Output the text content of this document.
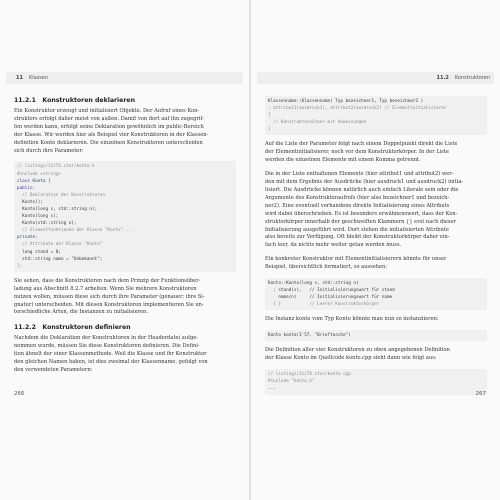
11 Klassen
11.2.1   Konstruktoren deklarieren
Ein Konstruktor erzeugt und initialisiert Objekte. Der Aufruf eines Kon-
struktors erfolgt daher meist von außen. Damit von dort auf ihn zugegrif-
fen werden kann, erfolgt seine Deklaration gewöhnlich im public-Bereich
der Klasse. Wir werden hier als Beispiel vier Konstruktoren in der Klassen-
definition Konto deklarieren. Die einzelnen Konstruktoren unterscheiden
sich durch ihre Parameter:
// listings/11/TX.ctor/konto.h
#include <string>
class Konto {
public:
// Deklaration der Konstruktoren
Konto();
Konto(long s, std::string n);
Konto(long s);
Konto(std::string n);
// Elementfunktionen der Klasse "Konto" ...
private:
// Attribute der Klasse "Konto"
long stand = 0;
std::string name = "Unbekannt";
};
Sie sehen, dass die Konstruktoren nach dem Prinzip der Funktionsüber-
ladung aus Abschnitt 8.2.7 arbeiten. Wenn Sie mehrere Konstruktoren
nutzen wollen, müssen diese sich durch ihre Parameter (genauer: ihre Si-
gnatur) unterscheiden. Mit diesen Konstruktoren implementieren Sie un-
terschiedliche Arten, die Instanzen zu initialisieren.
11.2.2   Konstruktoren definieren
Nachdem die Deklaration der Konstruktoren in der Headerdatei aufge-
nommen wurde, müssen Sie diese Konstruktoren definieren. Die Defini-
tion ähnelt der einer Klassenmethode. Weil die Klasse und ihr Konstruktor
den gleichen Namen haben, ist dies zweimal der Klassenname, gefolgt von
den verwendeten Parametern:
266
11.2 Konstruktoren
Klassenname::Klassenname( Typ bezeichner1, Typ bezeichner2 )
: attribut1(ausdruck1), attribut2(ausdruck2) // Elementinitialisierer
{
// Konstruktorkörper mit Anweisungen
}
Auf die Liste der Parameter folgt nach einem Doppelpunkt direkt die Liste
der Elementinitialisierer, noch vor dem Konstruktorkörper. In der Liste
werden die einzelnen Elemente mit einem Komma getrennt.
Die in der Liste enthaltenen Elemente (hier attribut1 und attribut2) wer-
den mit dem Ergebnis der Ausdrücke (hier ausdruck1 und ausdruck2) initia-
lisiert. Die Ausdrücke können natürlich auch einfach Literale sein oder die
Argumente des Konstruktoraufrufs (hier also bezeichner1 und bezeich-
ner2). Eine eventuell vorhandene direkte Initialisierung eines Attributs
wird dabei überschrieben. Es ist besonders erwähnenswert, dass der Kon-
struktorkörper innerhalb der geschweiften Klammern {} erst nach dieser
Initialisierung ausgeführt wird. Dort stehen die initialisierten Attribute
also bereits zur Verfügung. Oft bleibt der Konstruktorkörper daher ein-
fach leer, da nichts mehr weiter getan werden muss.
Ein konkreter Konstruktor mit Elementinitialisierern könnte für unser
Beispiel, übersichtlich formatiert, so aussehen:
Konto::Konto(long s, std::string n)
: stand(s),   // Initialisierungswert für stand
name(n)     // Initialisierungswert für name
{ }           // Leerer Konstruktorkörper
Die Instanz konto vom Typ Konto könnte man nun so instanziieren:
Konto konto(1'57, "Brieftasche")
Die Definition aller vier Konstruktoren zu oben angegebenen Definition
der Klasse Konto im Quellcode konto.cpp sieht dann wie folgt aus:
// listings/11/TX.ctor/konto.cpp
#include "konto.h"
...
267
